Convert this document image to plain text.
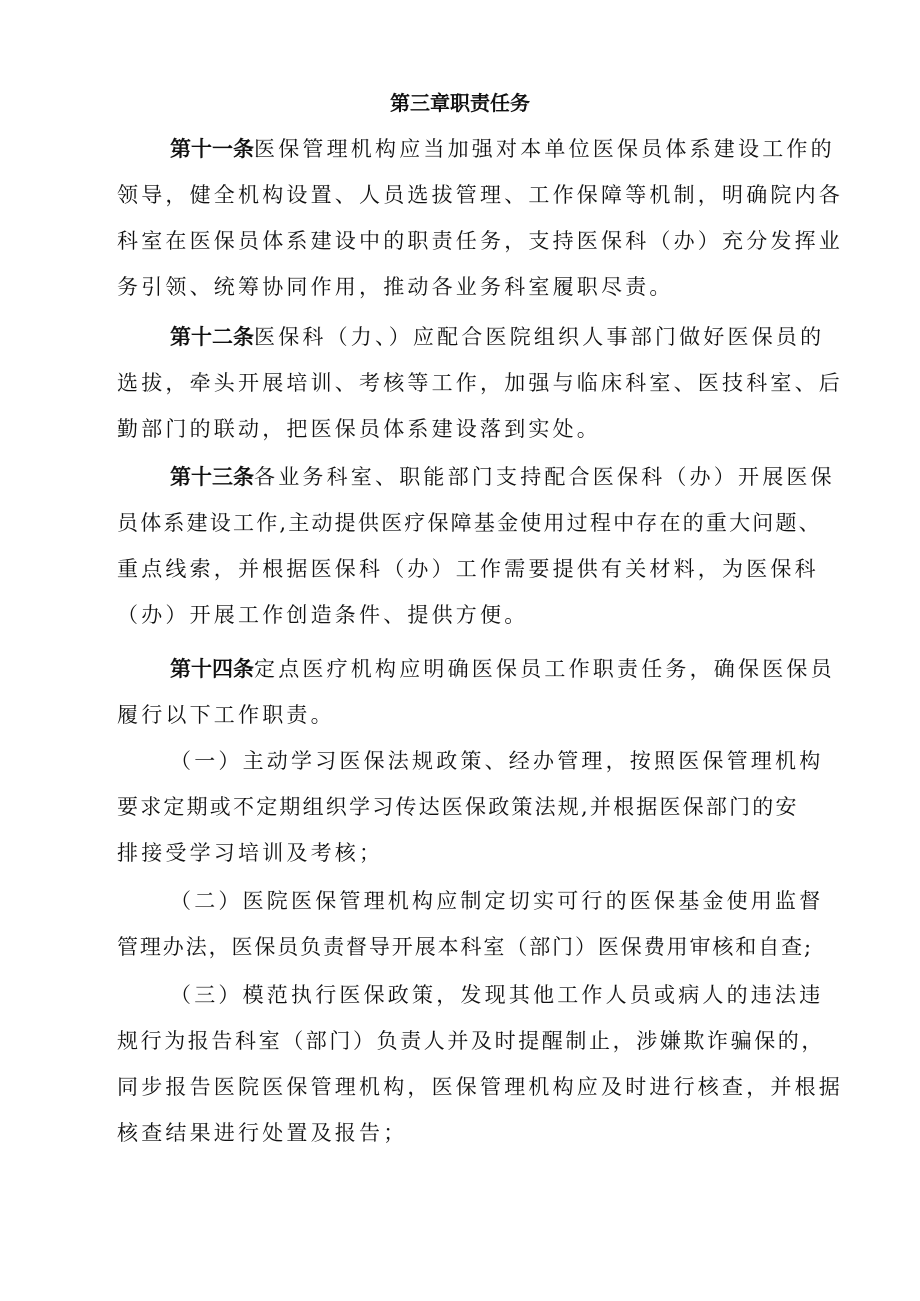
第三章职责任务
第十一条医保管理机构应当加强对本单位医保员体系建设工作的
领导，健全机构设置、人员选拔管理、工作保障等机制，明确院内各
科室在医保员体系建设中的职责任务，支持医保科（办）充分发挥业
务引领、统筹协同作用，推动各业务科室履职尽责。
第十二条医保科（力、）应配合医院组织人事部门做好医保员的
选拔，牵头开展培训、考核等工作，加强与临床科室、医技科室、后
勤部门的联动，把医保员体系建设落到实处。
第十三条各业务科室、职能部门支持配合医保科（办）开展医保
员体系建设工作,主动提供医疗保障基金使用过程中存在的重大问题、
重点线索，并根据医保科（办）工作需要提供有关材料，为医保科
（办）开展工作创造条件、提供方便。
第十四条定点医疗机构应明确医保员工作职责任务，确保医保员
履行以下工作职责。
（一）主动学习医保法规政策、经办管理，按照医保管理机构
要求定期或不定期组织学习传达医保政策法规,并根据医保部门的安
排接受学习培训及考核；
（二）医院医保管理机构应制定切实可行的医保基金使用监督
管理办法，医保员负责督导开展本科室（部门）医保费用审核和自查;
（三）模范执行医保政策，发现其他工作人员或病人的违法违
规行为报告科室（部门）负责人并及时提醒制止，涉嫌欺诈骗保的，
同步报告医院医保管理机构，医保管理机构应及时进行核查，并根据
核查结果进行处置及报告；
